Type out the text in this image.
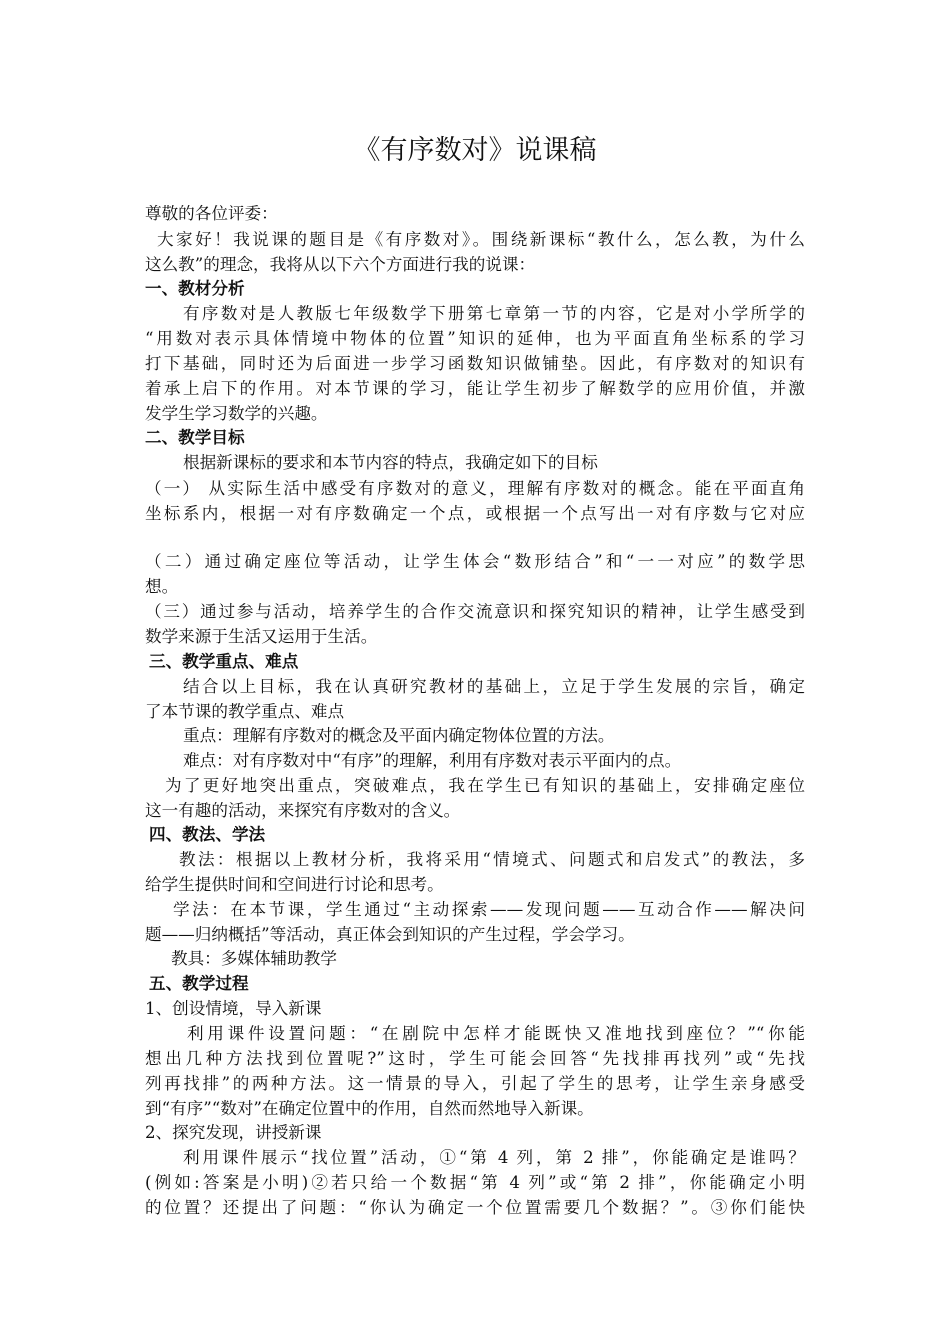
《有序数对》说课稿
尊敬的各位评委：
大家好！我说课的题目是《有序数对》。围绕新课标“教什么，怎么教，为什么
这么教”的理念，我将从以下六个方面进行我的说课：
一、教材分析
有序数对是人教版七年级数学下册第七章第一节的内容，它是对小学所学的
“用数对表示具体情境中物体的位置”知识的延伸，也为平面直角坐标系的学习
打下基础，同时还为后面进一步学习函数知识做铺垫。因此，有序数对的知识有
着承上启下的作用。对本节课的学习，能让学生初步了解数学的应用价值，并激
发学生学习数学的兴趣。
二、教学目标
根据新课标的要求和本节内容的特点，我确定如下的目标
（一） 从实际生活中感受有序数对的意义，理解有序数对的概念。能在平面直角
坐标系内，根据一对有序数确定一个点，或根据一个点写出一对有序数与它对应
（二）通过确定座位等活动，让学生体会“数形结合”和“一一对应”的数学思
想。
（三）通过参与活动，培养学生的合作交流意识和探究知识的精神，让学生感受到
数学来源于生活又运用于生活。
三、教学重点、难点
结合以上目标，我在认真研究教材的基础上，立足于学生发展的宗旨，确定
了本节课的教学重点、难点
重点：理解有序数对的概念及平面内确定物体位置的方法。
难点：对有序数对中“有序”的理解，利用有序数对表示平面内的点。
为了更好地突出重点，突破难点，我在学生已有知识的基础上，安排确定座位
这一有趣的活动，来探究有序数对的含义。
四、教法、学法
教法：根据以上教材分析，我将采用“情境式、问题式和启发式”的教法，多
给学生提供时间和空间进行讨论和思考。
学法：在本节课，学生通过“主动探索——发现问题——互动合作——解决问
题——归纳概括”等活动，真正体会到知识的产生过程，学会学习。
教具：多媒体辅助教学
五、教学过程
1、创设情境，导入新课
利用课件设置问题：“在剧院中怎样才能既快又准地找到座位？”“你能
想出几种方法找到位置呢?”这时，学生可能会回答“先找排再找列”或“先找
列再找排”的两种方法。这一情景的导入，引起了学生的思考，让学生亲身感受
到“有序”“数对”在确定位置中的作用，自然而然地导入新课。
2、探究发现，讲授新课
利用课件展示“找位置”活动，①“第 4 列，第 2 排”，你能确定是谁吗？
(例如:答案是小明)②若只给一个数据“第 4 列”或“第 2 排”，你能确定小明
的位置？还提出了问题：“你认为确定一个位置需要几个数据？”。③你们能快
